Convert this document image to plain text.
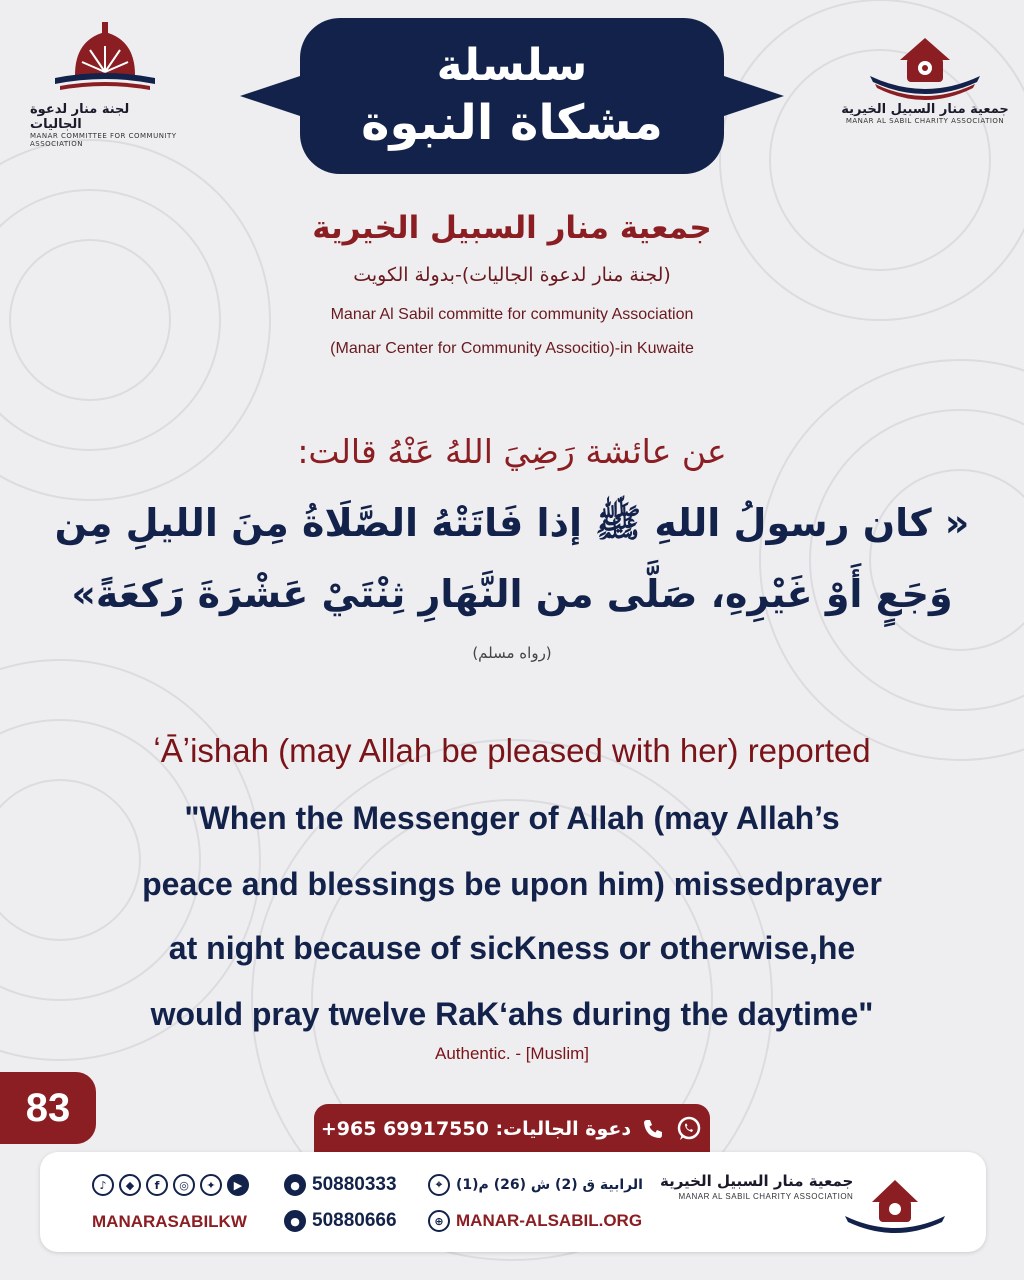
لجنة منار لدعوة الجاليات
MANAR COMMITTEE FOR COMMUNITY ASSOCIATION
جمعية منار السبيل الخيرية
MANAR AL SABIL CHARITY ASSOCIATION
سلسلة
مشكاة النبوة
جمعية منار السبيل الخيرية
(لجنة منار لدعوة الجاليات)-بدولة الكويت
Manar Al Sabil committe for community Association
(Manar Center for Community Associtio)-in Kuwaite
عن عائشة رَضِيَ اللهُ عَنْهُ قالت:
« كان رسولُ اللهِ ﷺ إذا فَاتَتْهُ الصَّلَاةُ مِنَ الليلِ مِن
وَجَعٍ أَوْ غَيْرِهِ، صَلَّى من النَّهَارِ ثِنْتَيْ عَشْرَةَ رَكعَةً»
(رواه مسلم)
ʻĀʼishah (may Allah be pleased with her) reported
"When the Messenger of Allah (may Allah’s
peace and blessings be upon him) missedprayer
at night because of sicKness or otherwise,he
would pray twelve RaKʻahs during the daytime"
Authentic. - [Muslim]
83	دعوة الجاليات: 69917550 965+
♪	◆	f	◎	✦	▶
MANARASABILKW
● 50880333
● 50880666
⌖ الرابية ق (2) ش (26) م(1)
⊕ MANAR-ALSABIL.ORG
جمعية منار السبيل الخيرية
MANAR AL SABIL CHARITY ASSOCIATION
